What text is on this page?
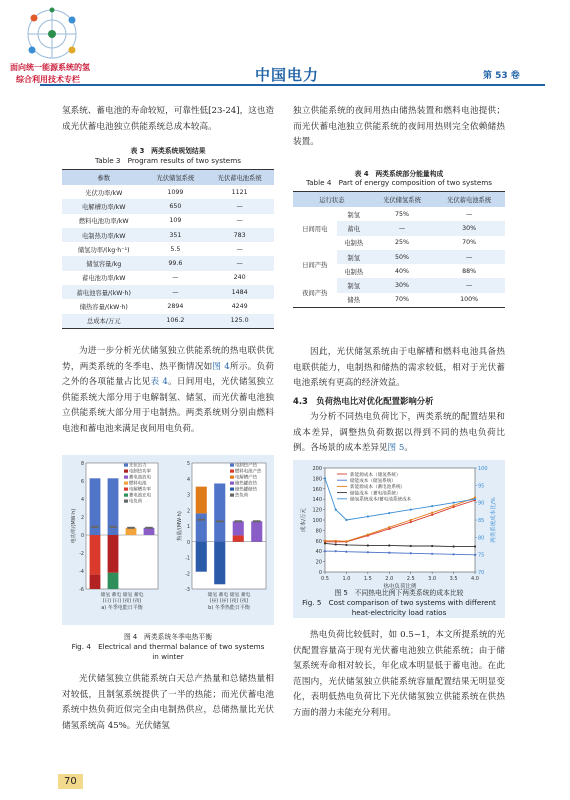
面向统一能源系统的氢
综合利用技术专栏	中国电力	第 53 卷
氢系统、蓄电池的寿命较短，可靠性低[23-24]，这也造成光伏蓄电池独立供能系统总成本较高。
表 3　两类系统规划结果
Table 3　Program results of two systems
参数	光伏储氢系统	光伏蓄电池系统
光伏功率/kW	1099	1121
电解槽功率/kW	650	—
燃料电池功率/kW	109	—
电制热功率/kW	351	783
储氢功率/(kg·h⁻¹)	5.5	—
储氢容量/kg	99.6	—
蓄电池功率/kW	—	240
蓄电池容量/(kW·h)	—	1484
储热容量/(kW·h)	2894	4249
总成本/万元	106.2	125.0
为进一步分析光伏储氢独立供能系统的热电联供优势，两类系统的冬季电、热平衡情况如图 4所示。负荷之外的各项能量占比见表 4。日间用电，光伏储氢独立供能系统大部分用于电解制氢、储氢，而光伏蓄电池独立供能系统大部分用于电制热。两类系统则分别由燃料电池和蓄电池来满足夜间用电负荷。
8
6
4
2
0
-2
-4
-6
电功率/(MW·h)
储氢 蓄电 储氢 蓄电
(日) (日) (夜) (夜)
a) 冬季电能日平衡
光伏出力
电制热功率
蓄电池放电
燃料电池
电解槽功率
蓄电池充电
电负荷
5
4
3
2
1
0
-1
-2
-3
热量/(MW·h)
储氢 蓄电 储氢 蓄电
(昼) (昼) (夜) (夜)
b) 冬季热能日平衡
电制热产热
燃料电池产热
电解槽产热
储热罐放热
储热罐储热
热负荷
图 4　两类系统冬季电热平衡
Fig. 4　Electrical and thermal balance of two systems
in winter
光伏储氢独立供能系统白天总产热量和总储热量相对较低，且制氢系统提供了一半的热能；而光伏蓄电池系统中热负荷近似完全由电制热供应，总储热量比光伏储氢系统高 45%。光伏储氢
70
独立供能系统的夜间用热由储热装置和燃料电池提供；而光伏蓄电池独立供能系统的夜间用热则完全依赖储热装置。
表 4　两类系统部分能量构成
Table 4　Part of energy composition of two systems
运行状态		光伏储氢系统	光伏蓄电池系统
日间用电	制氢	75%	—
	蓄电	—	30%
	电制热	25%	70%
日间产热	制氢	50%	—
	电制热	40%	88%
夜间产热	制氢	30%	—
	储热	70%	100%
因此，光伏储氢系统由于电解槽和燃料电池具备热电联供能力，电制热和储热的需求较低，相对于光伏蓄电池系统有更高的经济效益。
4.3　负荷热电比对优化配置影响分析
为分析不同热电负荷比下，两类系统的配置结果和成本差异，调整热负荷数据以得到不同的热电负荷比例。各场景的成本差异见图 5。
200
180
160
140
120
100
80
60
40
20
0
100
95
90
85
80
75
70
0.5	1.0	1.5	2.0	2.5	3.0	3.5	4.0
热电负荷比例
成本/万元	两类系统成本比/%
新能源成本（储氢系统）
储能成本（储氢系统）
新能源成本（蓄电池系统）
储能成本（蓄电池系统）
储氢系统成本/蓄电池系统成本
图 5　不同热电比例下两类系统的成本比较
Fig. 5　Cost comparison of two systems with different
heat-electricity load ratios
热电负荷比较低时，如 0.5~1，本文所提系统的光伏配置容量高于现有光伏蓄电池独立供能系统；由于储氢系统寿命相对较长，年化成本明显低于蓄电池。在此范围内，光伏储氢独立供能系统容量配置结果无明显变化，表明低热电负荷比下光伏储氢独立供能系统在供热方面的潜力未能充分利用。
